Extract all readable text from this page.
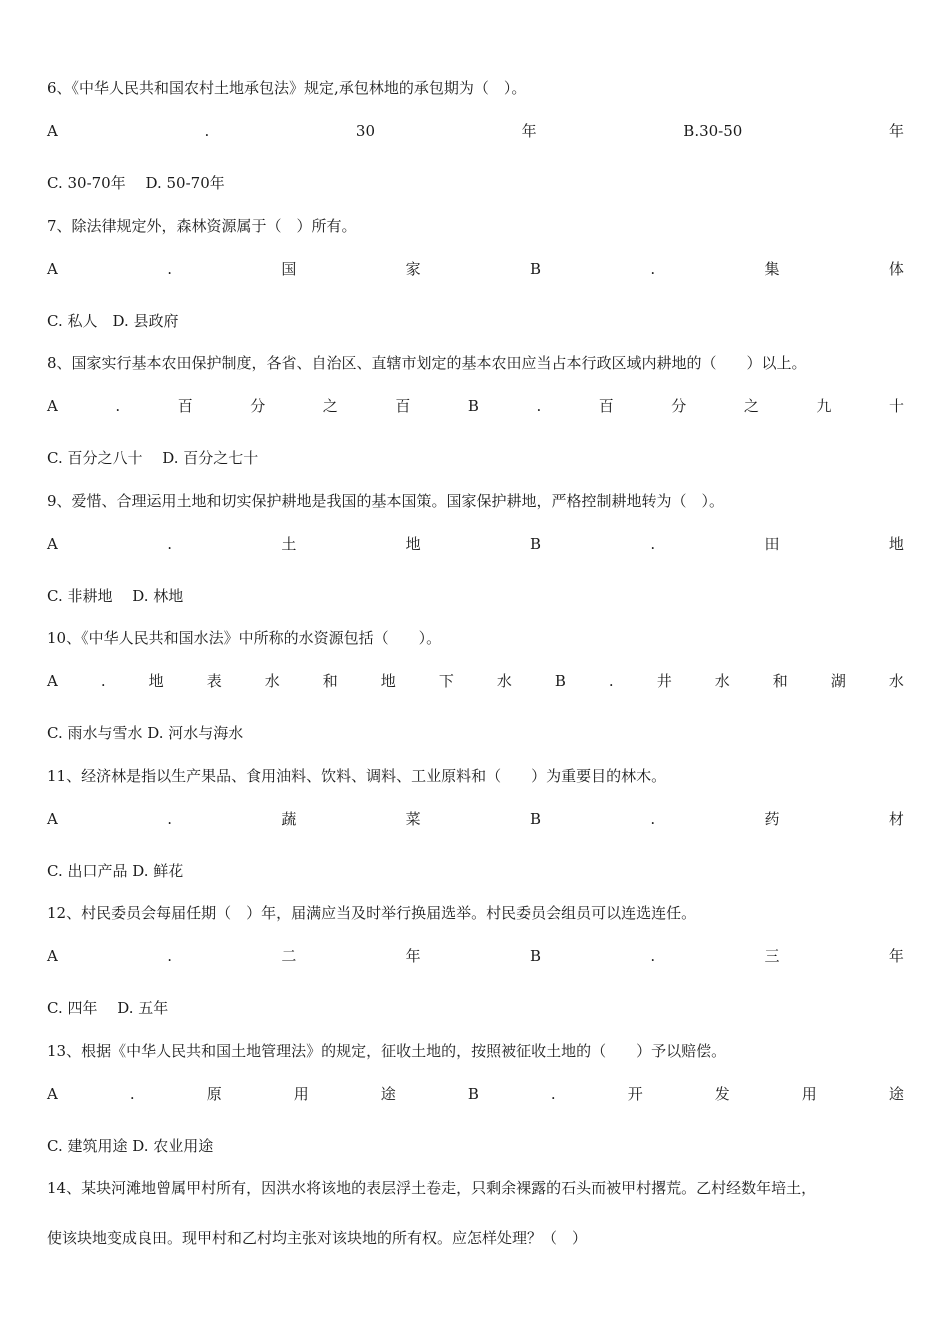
6、《中华人民共和国农村土地承包法》规定,承包林地的承包期为（　）。
A	.	30	年	B.30-50	年
C. 30-70年　 D. 50-70年
7、除法律规定外，森林资源属于（　）所有。
A	.	国	家	B	.	集	体
C. 私人　D. 县政府
8、国家实行基本农田保护制度，各省、自治区、直辖市划定的基本农田应当占本行政区域内耕地的（　　）以上。
A	.	百	分	之	百	B	.	百	分	之	九	十
C. 百分之八十　 D. 百分之七十
9、爱惜、合理运用土地和切实保护耕地是我国的基本国策。国家保护耕地，严格控制耕地转为（　）。
A	.	土	地	B	.	田	地
C. 非耕地　 D. 林地
10、《中华人民共和国水法》中所称的水资源包括（　　）。
A	.	地	表	水	和	地	下	水	B	.	井	水	和	湖	水
C. 雨水与雪水 D. 河水与海水
11、经济林是指以生产果品、食用油料、饮料、调料、工业原料和（　　）为重要目的林木。
A	.	蔬	菜	B	.	药	材
C. 出口产品 D. 鲜花
12、村民委员会每届任期（　）年，届满应当及时举行换届选举。村民委员会组员可以连选连任。
A	.	二	年	B	.	三	年
C. 四年　 D. 五年
13、根据《中华人民共和国土地管理法》的规定，征收土地的，按照被征收土地的（　　）予以赔偿。
A	.	原	用	途	B	.	开	发	用	途
C. 建筑用途 D. 农业用途
14、某块河滩地曾属甲村所有，因洪水将该地的表层浮土卷走，只剩余裸露的石头而被甲村撂荒。乙村经数年培土，
使该块地变成良田。现甲村和乙村均主张对该块地的所有权。应怎样处理？（　）
